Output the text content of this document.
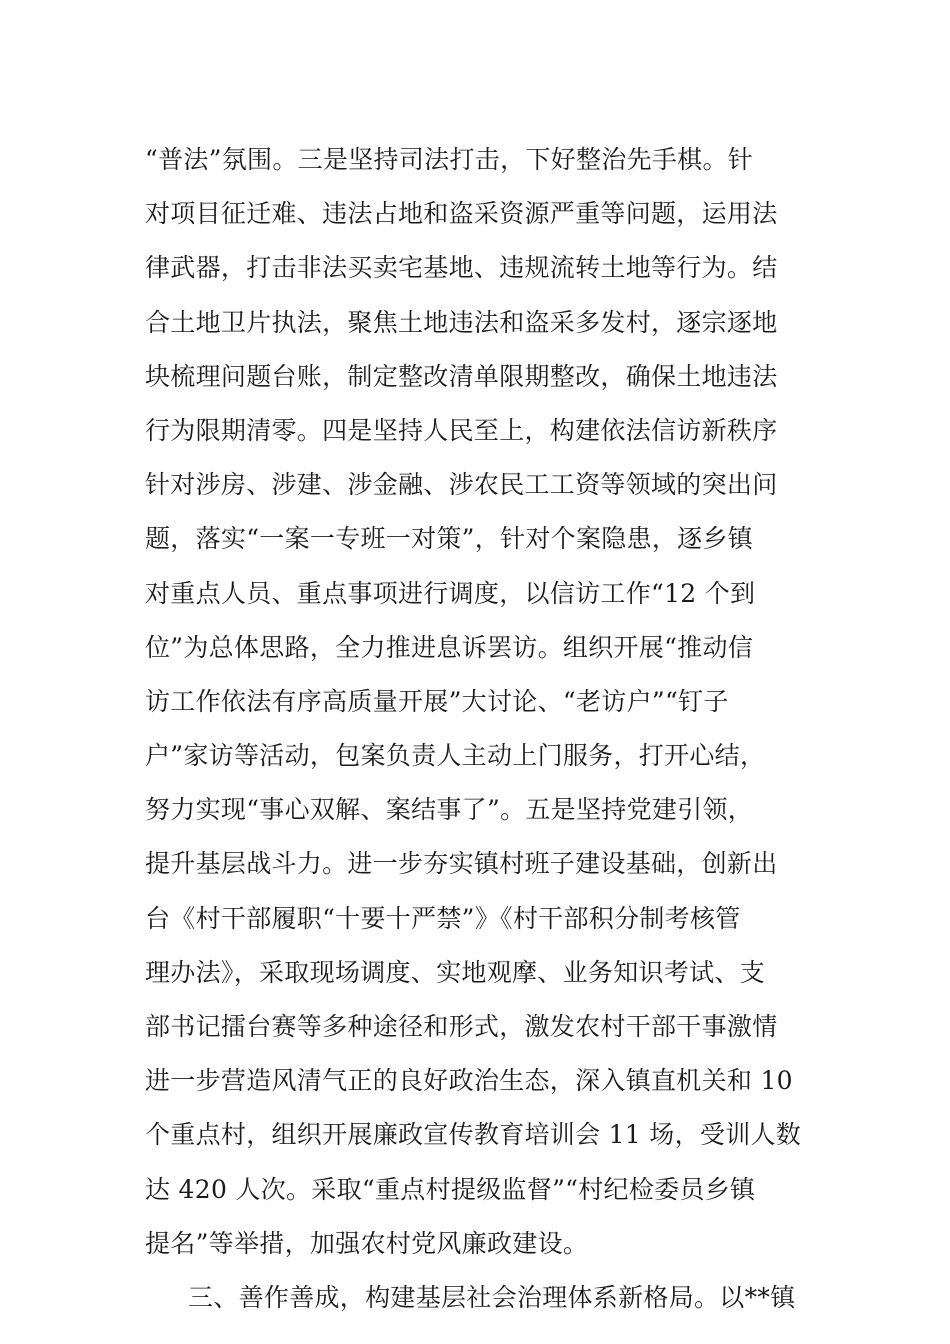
“普法”氛围。三是坚持司法打击，下好整治先手棋。针
对项目征迁难、违法占地和盗采资源严重等问题，运用法
律武器，打击非法买卖宅基地、违规流转土地等行为。结
合土地卫片执法，聚焦土地违法和盗采多发村，逐宗逐地
块梳理问题台账，制定整改清单限期整改，确保土地违法
行为限期清零。四是坚持人民至上，构建依法信访新秩序
针对涉房、涉建、涉金融、涉农民工工资等领域的突出问
题，落实“一案一专班一对策”，针对个案隐患，逐乡镇
对重点人员、重点事项进行调度，以信访工作“12 个到
位”为总体思路，全力推进息诉罢访。组织开展“推动信
访工作依法有序高质量开展”大讨论、“老访户”“钉子
户”家访等活动，包案负责人主动上门服务，打开心结，
努力实现“事心双解、案结事了”。五是坚持党建引领，
提升基层战斗力。进一步夯实镇村班子建设基础，创新出
台《村干部履职“十要十严禁”》《村干部积分制考核管
理办法》，采取现场调度、实地观摩、业务知识考试、支
部书记擂台赛等多种途径和形式，激发农村干部干事激情
进一步营造风清气正的良好政治生态，深入镇直机关和 10
个重点村，组织开展廉政宣传教育培训会 11 场，受训人数
达 420 人次。采取“重点村提级监督”“村纪检委员乡镇
提名”等举措，加强农村党风廉政建设。
三、善作善成，构建基层社会治理体系新格局。以**镇
